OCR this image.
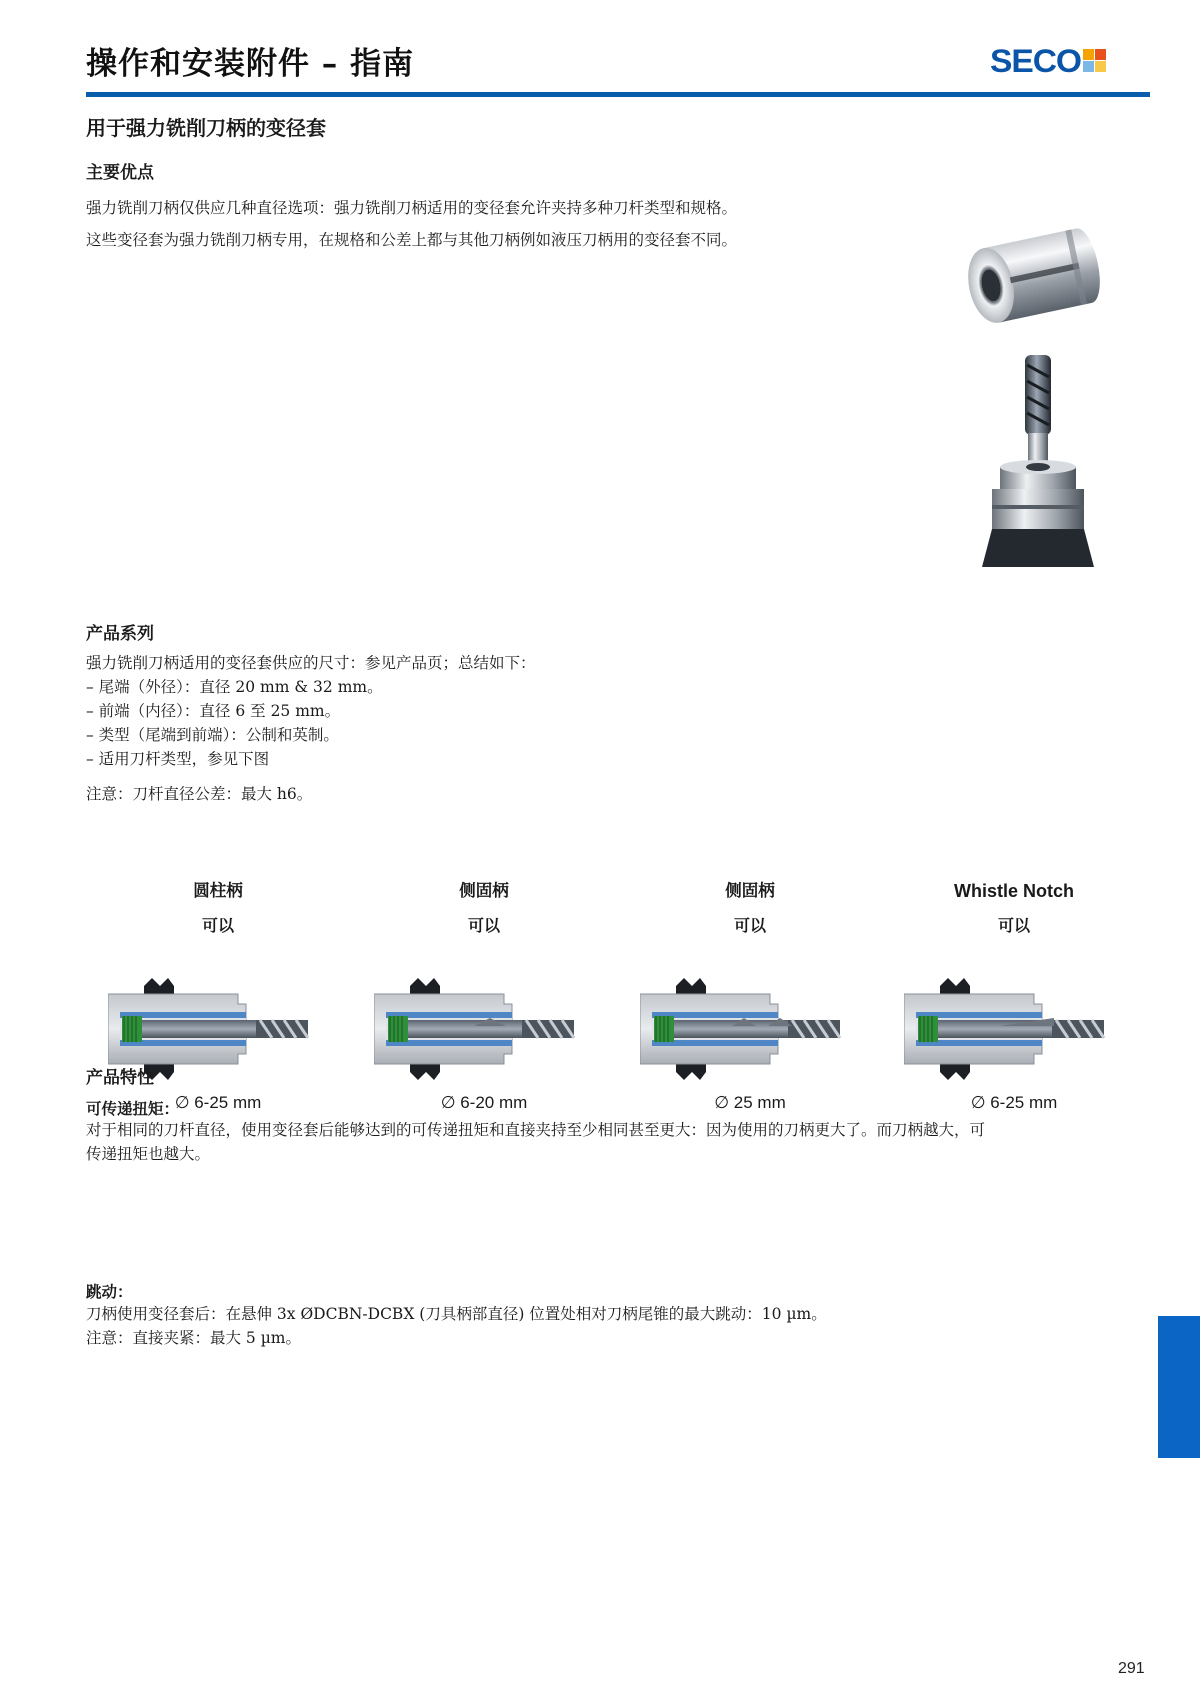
操作和安装附件 – 指南	SECO
用于强力铣削刀柄的变径套
主要优点
强力铣削刀柄仅供应几种直径选项：强力铣削刀柄适用的变径套允许夹持多种刀杆类型和规格。
这些变径套为强力铣削刀柄专用，在规格和公差上都与其他刀柄例如液压刀柄用的变径套不同。
产品系列
强力铣削刀柄适用的变径套供应的尺寸：参见产品页；总结如下：
– 尾端（外径）：直径 20 mm & 32 mm。
– 前端（内径）：直径 6 至 25 mm。
– 类型（尾端到前端）：公制和英制。
– 适用刀杆类型，参见下图
注意：刀杆直径公差：最大 h6。
圆柱柄
可以
∅ 6-25 mm
侧固柄
可以
∅ 6-20 mm
侧固柄
可以
∅ 25 mm
Whistle Notch
可以
∅ 6-25 mm
产品特性
可传递扭矩：
对于相同的刀杆直径，使用变径套后能够达到的可传递扭矩和直接夹持至少相同甚至更大：因为使用的刀柄更大了。而刀柄越大，可
传递扭矩也越大。
跳动：
刀柄使用变径套后：在悬伸 3x ØDCBN-DCBX (刀具柄部直径) 位置处相对刀柄尾锥的最大跳动：10 µm。
注意：直接夹紧：最大 5 µm。
291
